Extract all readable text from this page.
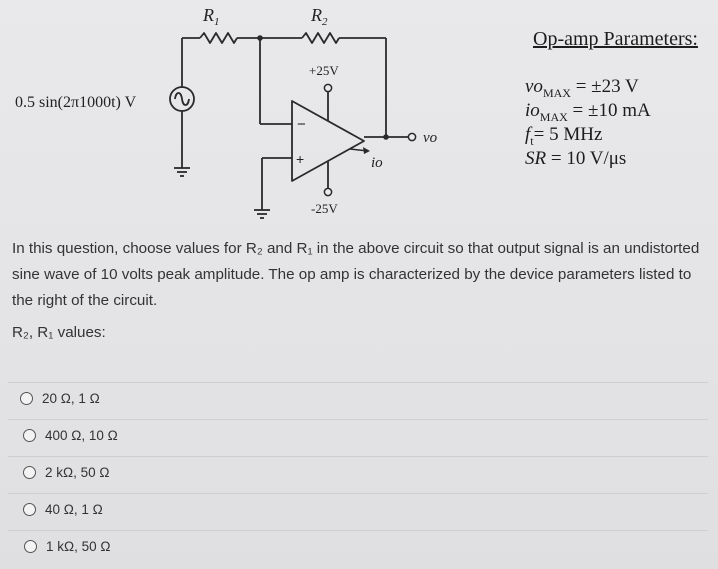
$R_1$	$R_2$
0.5 sin(2π1000t) V
+25V
-25V
−
+	io
vo
Op-amp Parameters:
$vo_{MAX} = \pm 23$ V
$io_{MAX} = \pm 10$ mA
$f_t= 5$ MHz
SR = 10 V/μs
In this question, choose values for R₂ and R₁ in the above circuit so that output signal is an undistorted sine wave of 10 volts peak amplitude. The op amp is characterized by the device parameters listed to the right of the circuit.
R₂, R₁ values:
20 Ω, 1 Ω
400 Ω, 10 Ω
2 kΩ, 50 Ω
40 Ω, 1 Ω
1 kΩ, 50 Ω
